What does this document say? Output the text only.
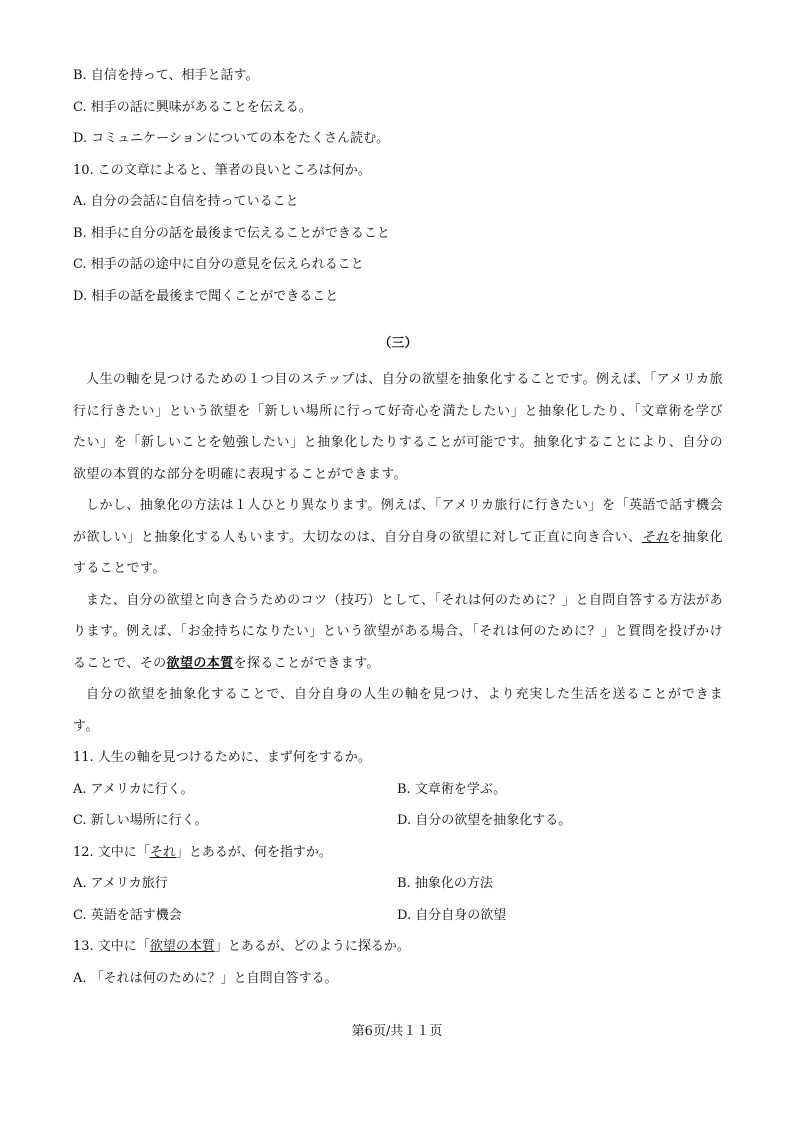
B. 自信を持って、相手と話す。
C. 相手の話に興味があることを伝える。
D. コミュニケーションについての本をたくさん読む。
10. この文章によると、筆者の良いところは何か。
A. 自分の会話に自信を持っていること
B. 相手に自分の話を最後まで伝えることができること
C. 相手の話の途中に自分の意見を伝えられること
D. 相手の話を最後まで聞くことができること
（三）
人生の軸を見つけるための１つ目のステップは、自分の欲望を抽象化することです。例えば、「アメリカ旅行に行きたい」という欲望を「新しい場所に行って好奇心を満たしたい」と抽象化したり、「文章術を学びたい」を「新しいことを勉強したい」と抽象化したりすることが可能です。抽象化することにより、自分の欲望の本質的な部分を明確に表現することができます。
しかし、抽象化の方法は１人ひとり異なります。例えば、「アメリカ旅行に行きたい」を「英語で話す機会が欲しい」と抽象化する人もいます。大切なのは、自分自身の欲望に対して正直に向き合い、それを抽象化することです。
また、自分の欲望と向き合うためのコツ（技巧）として、「それは何のために？」と自問自答する方法があります。例えば、「お金持ちになりたい」という欲望がある場合、「それは何のために？」と質問を投げかけることで、その欲望の本質を探ることができます。
自分の欲望を抽象化することで、自分自身の人生の軸を見つけ、より充実した生活を送ることができます。
11. 人生の軸を見つけるために、まず何をするか。
A. アメリカに行く。	B. 文章術を学ぶ。
C. 新しい場所に行く。	D. 自分の欲望を抽象化する。
12. 文中に「それ」とあるが、何を指すか。
A. アメリカ旅行	B. 抽象化の方法
C. 英語を話す機会	D. 自分自身の欲望
13. 文中に「欲望の本質」とあるが、どのように探るか。
A. 「それは何のために？」と自問自答する。
第6页/共１１页
